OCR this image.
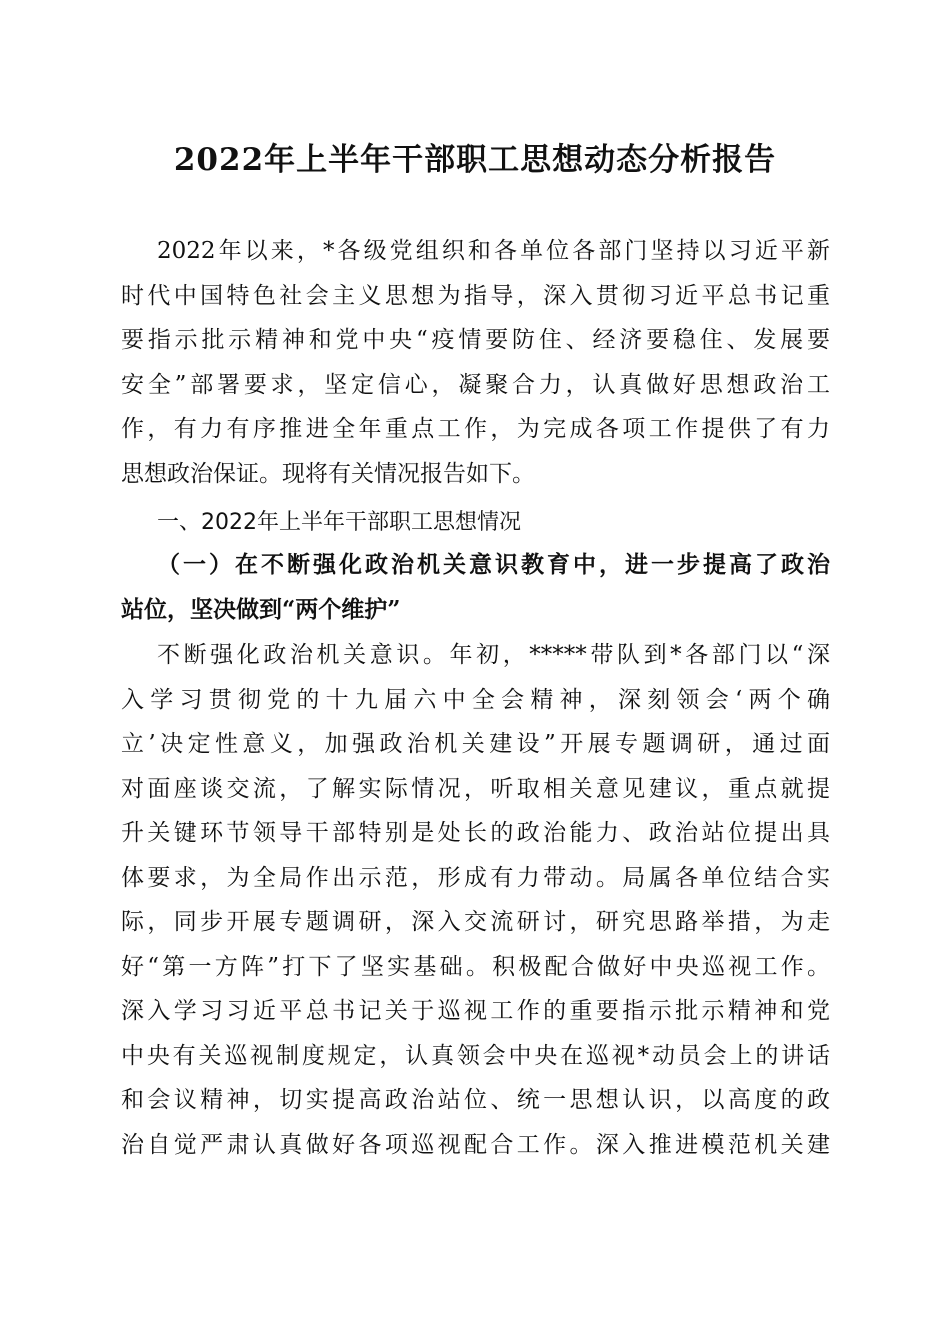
2022年上半年干部职工思想动态分析报告
2022年以来，*各级党组织和各单位各部门坚持以习近平新
时代中国特色社会主义思想为指导，深入贯彻习近平总书记重
要指示批示精神和党中央“疫情要防住、经济要稳住、发展要
安全”部署要求，坚定信心，凝聚合力，认真做好思想政治工
作，有力有序推进全年重点工作，为完成各项工作提供了有力
思想政治保证。现将有关情况报告如下。
一、2022年上半年干部职工思想情况
（一）在不断强化政治机关意识教育中，进一步提高了政治
站位，坚决做到“两个维护”
不断强化政治机关意识。年初，*****带队到*各部门以“深
入学习贯彻党的十九届六中全会精神，深刻领会‘两个确
立’决定性意义，加强政治机关建设”开展专题调研，通过面
对面座谈交流，了解实际情况，听取相关意见建议，重点就提
升关键环节领导干部特别是处长的政治能力、政治站位提出具
体要求，为全局作出示范，形成有力带动。局属各单位结合实
际，同步开展专题调研，深入交流研讨，研究思路举措，为走
好“第一方阵”打下了坚实基础。积极配合做好中央巡视工作。
深入学习习近平总书记关于巡视工作的重要指示批示精神和党
中央有关巡视制度规定，认真领会中央在巡视*动员会上的讲话
和会议精神，切实提高政治站位、统一思想认识，以高度的政
治自觉严肃认真做好各项巡视配合工作。深入推进模范机关建
